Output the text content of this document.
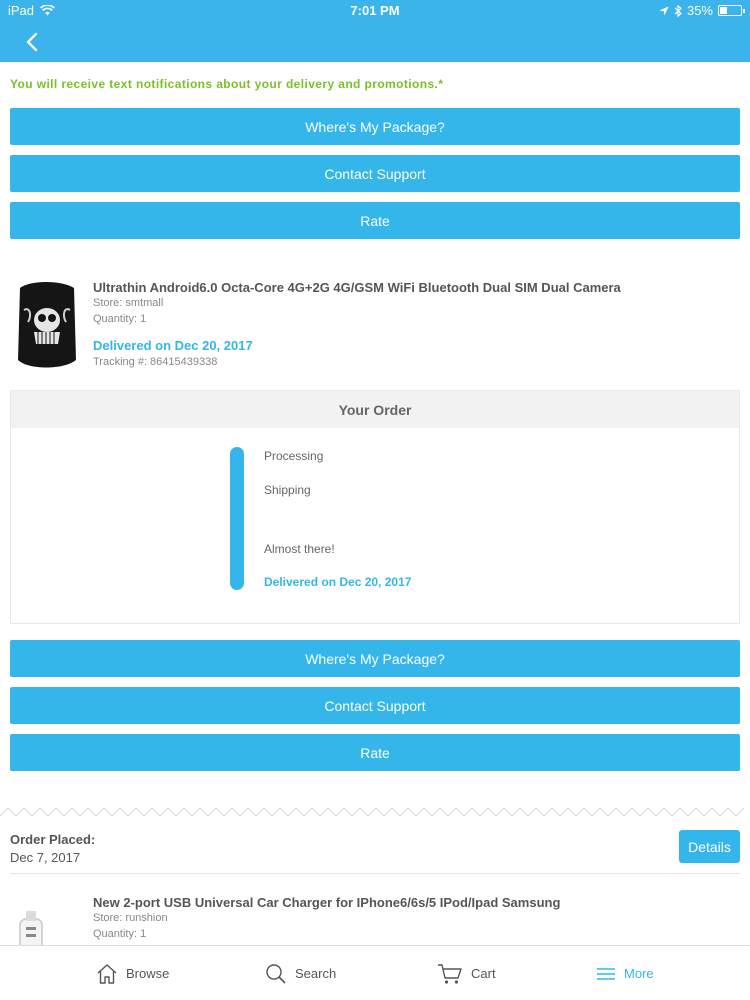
iPad	7:01 PM	35%
You will receive text notifications about your delivery and promotions.*
Where's My Package?
Contact Support
Rate
Ultrathin Android6.0 Octa-Core 4G+2G 4G/GSM WiFi Bluetooth Dual SIM Dual Camera
Store: smtmall
Quantity: 1
Delivered on Dec 20, 2017
Tracking #: 86415439338
Your Order
Processing
Shipping
Almost there!
Delivered on Dec 20, 2017
Where's My Package?
Contact Support
Rate
Order Placed:
Dec 7, 2017
Details
New 2-port USB Universal Car Charger for IPhone6/6s/5 IPod/Ipad Samsung
Store: runshion
Quantity: 1
Browse	Search	Cart	More
